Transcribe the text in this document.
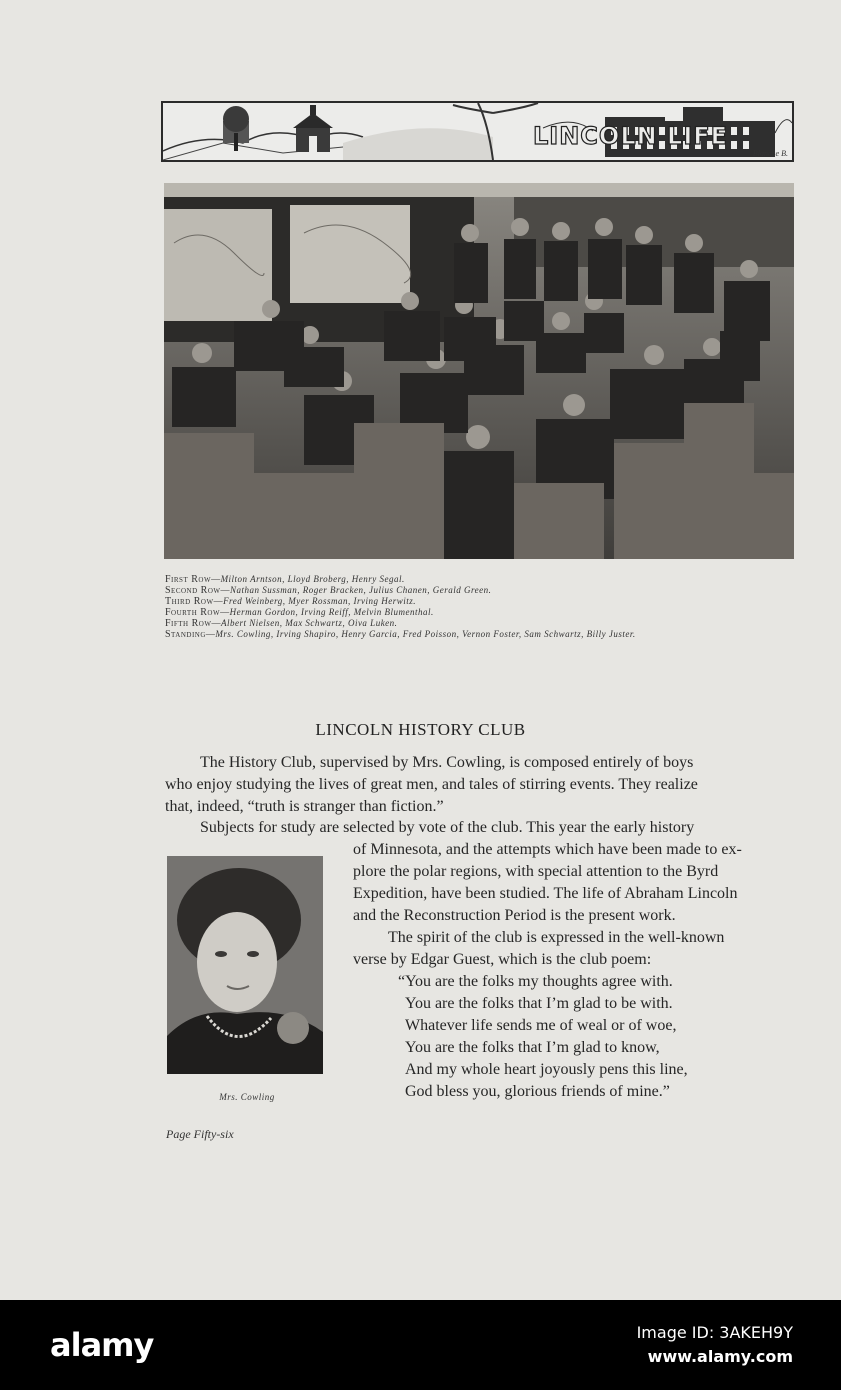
LINCOLN LIFE
Blanche B.
First Row—Milton Arntson, Lloyd Broberg, Henry Segal.
Second Row—Nathan Sussman, Roger Bracken, Julius Chanen, Gerald Green.
Third Row—Fred Weinberg, Myer Rossman, Irving Herwitz.
Fourth Row—Herman Gordon, Irving Reiff, Melvin Blumenthal.
Fifth Row—Albert Nielsen, Max Schwartz, Oiva Luken.
Standing—Mrs. Cowling, Irving Shapiro, Henry Garcia, Fred Poisson, Vernon Foster, Sam Schwartz, Billy Juster.
LINCOLN HISTORY CLUB

The History Club, supervised by Mrs. Cowling, is composed entirely of boys
who enjoy studying the lives of great men, and tales of stirring events. They realize
that, indeed, “truth is stranger than fiction.”

Subjects for study are selected by vote of the club. This year the early history

of Minnesota, and the attempts which have been made to ex-
plore the polar regions, with special attention to the Byrd
Expedition, have been studied. The life of Abraham Lincoln
and the Reconstruction Period is the present work.

The spirit of the club is expressed in the well-known
verse by Edgar Guest, which is the club poem:

“You are the folks my thoughts agree with.
You are the folks that I’m glad to be with.
Whatever life sends me of weal or of woe,
You are the folks that I’m glad to know,
And my whole heart joyously pens this line,
God bless you, glorious friends of mine.”

Mrs. Cowling
Page Fifty-six
alamy	Image ID: 3AKEH9Y
www.alamy.com
